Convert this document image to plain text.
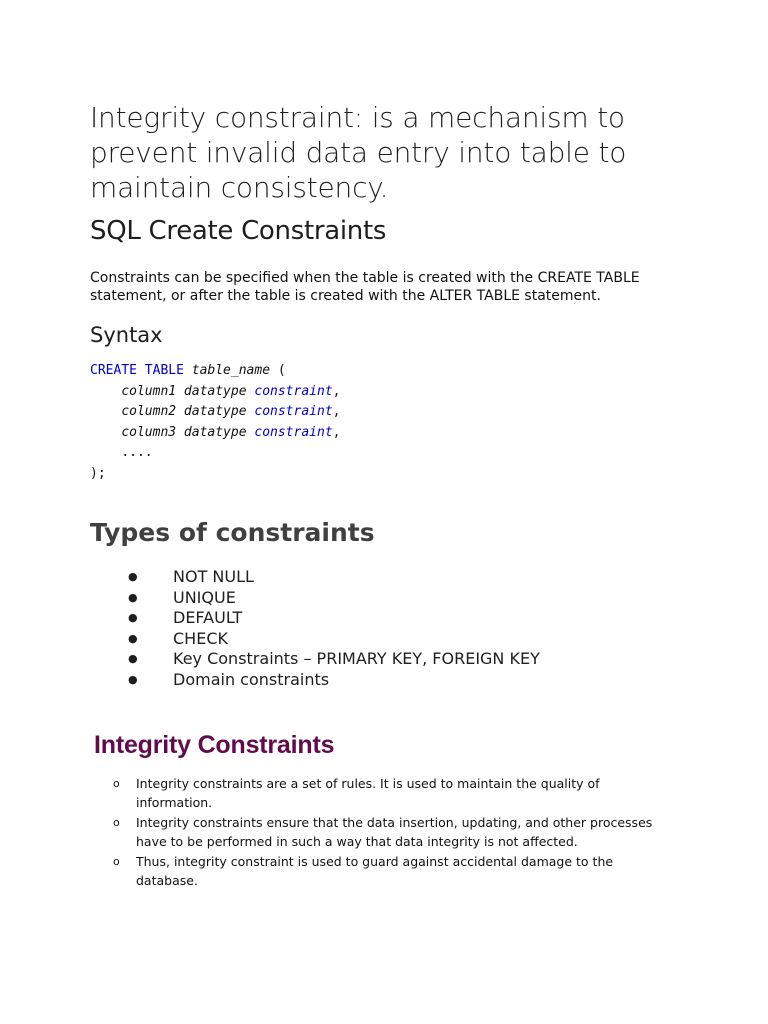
Integrity constraint: is a mechanism to prevent invalid data entry into table to maintain consistency.

SQL Create Constraints

Constraints can be specified when the table is created with the CREATE TABLE statement, or after the table is created with the ALTER TABLE statement.

Syntax
CREATE TABLE table_name (
column1 datatype constraint,
column2 datatype constraint,
column3 datatype constraint,
....
);
Types of constraints
● NOT NULL
● UNIQUE
● DEFAULT
● CHECK
● Key Constraints – PRIMARY KEY, FOREIGN KEY
● Domain constraints
Integrity Constraints
o Integrity constraints are a set of rules. It is used to maintain the quality of information.
o Integrity constraints ensure that the data insertion, updating, and other processes have to be performed in such a way that data integrity is not affected.
o Thus, integrity constraint is used to guard against accidental damage to the database.
